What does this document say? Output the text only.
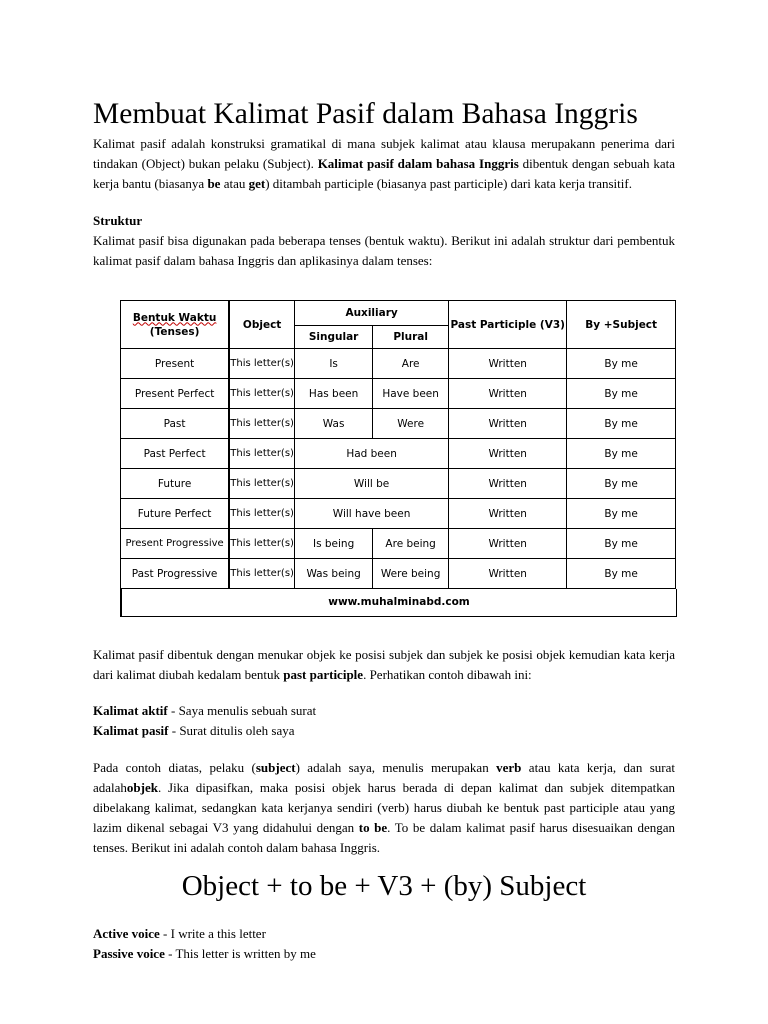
Membuat Kalimat Pasif dalam Bahasa Inggris

Kalimat pasif adalah konstruksi gramatikal di mana subjek kalimat atau klausa merupakann penerima dari tindakan (Object) bukan pelaku (Subject). Kalimat pasif dalam bahasa Inggris dibentuk dengan sebuah kata kerja bantu (biasanya be atau get) ditambah participle (biasanya past participle) dari kata kerja transitif.

Struktur

Kalimat pasif bisa digunakan pada beberapa tenses (bentuk waktu). Berikut ini adalah struktur dari pembentuk kalimat pasif dalam bahasa Inggris dan aplikasinya dalam tenses:

Bentuk Waktu
(Tenses)	Object	Auxiliary		Past Participle (V3)	By +Subject
		Singular	Plural		
Present	This letter(s)	Is	Are	Written	By me
Present Perfect	This letter(s)	Has been	Have been	Written	By me
Past	This letter(s)	Was	Were	Written	By me
Past Perfect	This letter(s)	Had been		Written	By me
Future	This letter(s)	Will be		Written	By me
Future Perfect	This letter(s)	Will have been		Written	By me
Present Progressive	This letter(s)	Is being	Are being	Written	By me
Past Progressive	This letter(s)	Was being	Were being	Written	By me
www.muhalminabd.com

Kalimat pasif dibentuk dengan menukar objek ke posisi subjek dan subjek ke posisi objek kemudian kata kerja dari kalimat diubah kedalam bentuk past participle. Perhatikan contoh dibawah ini:

Kalimat aktif - Saya menulis sebuah surat

Kalimat pasif - Surat ditulis oleh saya

Pada contoh diatas, pelaku (subject) adalah saya, menulis merupakan verb atau kata kerja, dan surat adalahobjek. Jika dipasifkan, maka posisi objek harus berada di depan kalimat dan subjek ditempatkan dibelakang kalimat, sedangkan kata kerjanya sendiri (verb) harus diubah ke bentuk past participle atau yang lazim dikenal sebagai V3 yang didahului dengan to be. To be dalam kalimat pasif harus disesuaikan dengan tenses. Berikut ini adalah contoh dalam bahasa Inggris.

Object + to be + V3 + (by) Subject

Active voice - I write a this letter

Passive voice - This letter is written by me
